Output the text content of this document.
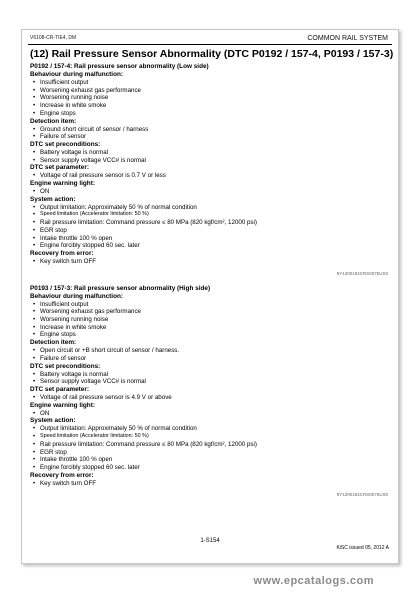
V6108-CR-TIE4, DM	COMMON RAIL SYSTEM
(12) Rail Pressure Sensor Abnormality (DTC P0192 / 157-4, P0193 / 157-3)
P0192 / 157-4: Rail pressure sensor abnormality (Low side)
Behaviour during malfunction:
• Insufficient output
• Worsening exhaust gas performance
• Worsening running noise
• Increase in white smoke
• Engine stops
Detection item:
• Ground short circuit of sensor / harness
• Failure of sensor
DTC set preconditions:
• Battery voltage is normal
• Sensor supply voltage VCC# is normal
DTC set parameter:
• Voltage of rail pressure sensor is 0.7 V or less
Engine warning light:
• ON
System action:
• Output limitation: Approximately 50 % of normal condition
• Speed limitation (Accelerator limitation: 50 %)
• Rail pressure limitation: Command pressure ≤ 80 MPa (820 kgf/cm², 12000 psi)
• EGR stop
• Intake throttle 100 % open
• Engine forcibly stopped 60 sec. later
Recovery from error:
• Key switch turn OFF
9Y1200184CRS0075US0
P0193 / 157-3: Rail pressure sensor abnormality (High side)
Behaviour during malfunction:
• Insufficient output
• Worsening exhaust gas performance
• Worsening running noise
• Increase in white smoke
• Engine stops
Detection item:
• Open circuit or +B short circuit of sensor / harness.
• Failure of sensor
DTC set preconditions:
• Battery voltage is normal
• Sensor supply voltage VCC# is normal
DTC set parameter:
• Voltage of rail pressure sensor is 4.9 V or above
Engine warning light:
• ON
System action:
• Output limitation: Approximately 50 % of normal condition
• Speed limitation (Accelerator limitation: 50 %)
• Rail pressure limitation: Command pressure ≤ 80 MPa (820 kgf/cm², 12000 psi)
• EGR stop
• Intake throttle 100 % open
• Engine forcibly stopped 60 sec. later
Recovery from error:
• Key switch turn OFF
9Y1200184CRS0076US0
1-S154
KiSC issued 05, 2012 A
www.epcatalogs.com
